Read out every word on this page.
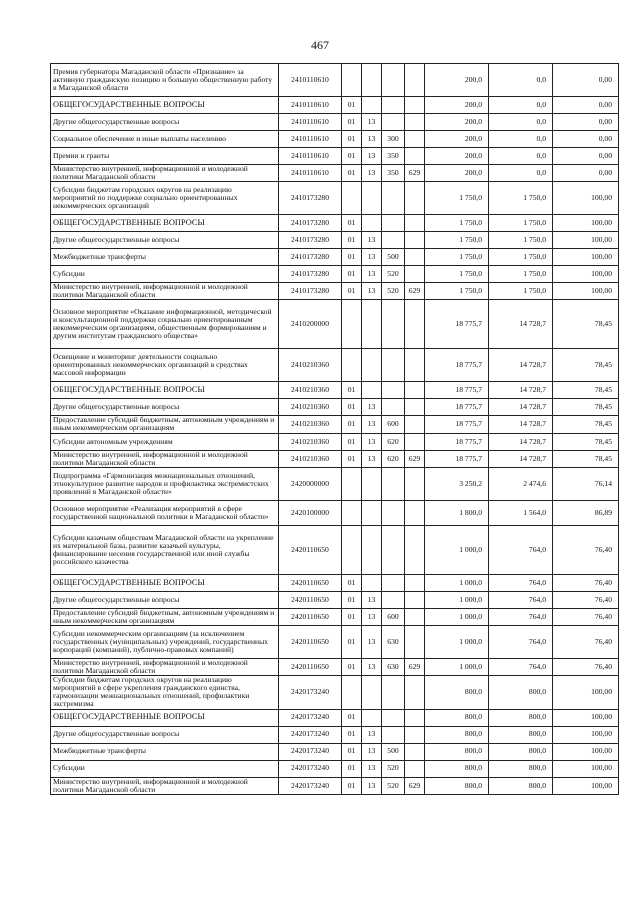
467
Премия губернатора Магаданской области «Признание» за активную гражданскую позицию и большую общественную работу в Магаданской области	2410110610					200,0	0,0	0,00
ОБЩЕГОСУДАРСТВЕННЫЕ ВОПРОСЫ	2410110610	01				200,0	0,0	0,00
Другие общегосударственные вопросы	2410110610	01	13			200,0	0,0	0,00
Социальное обеспечение и иные выплаты населению	2410110610	01	13	300		200,0	0,0	0,00
Премии и гранты	2410110610	01	13	350		200,0	0,0	0,00
Министерство внутренней, информационной и молодежной политики Магаданской области	2410110610	01	13	350	629	200,0	0,0	0,00
Субсидии бюджетам городских округов на реализацию мероприятий по поддержке социально ориентированных некоммерческих организаций	2410173280					1 750,0	1 750,0	100,00
ОБЩЕГОСУДАРСТВЕННЫЕ ВОПРОСЫ	2410173280	01				1 750,0	1 750,0	100,00
Другие общегосударственные вопросы	2410173280	01	13			1 750,0	1 750,0	100,00
Межбюджетные трансферты	2410173280	01	13	500		1 750,0	1 750,0	100,00
Субсидии	2410173280	01	13	520		1 750,0	1 750,0	100,00
Министерство внутренней, информационной и молодежной политики Магаданской области	2410173280	01	13	520	629	1 750,0	1 750,0	100,00
Основное мероприятие «Оказание информационной, методической и консультационной поддержки социально ориентированным некоммерческим организациям, общественным формированиям и другим институтам гражданского общества»	2410200000					18 775,7	14 728,7	78,45
Освещение и мониторинг деятельности социально ориентированных некоммерческих организаций в средствах массовой информации	2410210360					18 775,7	14 728,7	78,45
ОБЩЕГОСУДАРСТВЕННЫЕ ВОПРОСЫ	2410210360	01				18 775,7	14 728,7	78,45
Другие общегосударственные вопросы	2410210360	01	13			18 775,7	14 728,7	78,45
Предоставление субсидий бюджетным, автономным учреждениям и иным некоммерческим организациям	2410210360	01	13	600		18 775,7	14 728,7	78,45
Субсидии автономным учреждениям	2410210360	01	13	620		18 775,7	14 728,7	78,45
Министерство внутренней, информационной и молодежной политики Магаданской области	2410210360	01	13	620	629	18 775,7	14 728,7	78,45
Подпрограмма «Гармонизация межнациональных отношений, этнокультурное развитие народов и профилактика экстремистских проявлений в Магаданской области»	2420000000					3 250,2	2 474,6	76,14
Основное мероприятие «Реализация мероприятий в сфере государственной национальной политики в Магаданской области»	2420100000					1 800,0	1 564,0	86,89
Субсидии казачьим обществам Магаданской области на укрепление их материальной базы, развитие казачьей культуры, финансирование несения государственной или иной службы российского казачества	2420110650					1 000,0	764,0	76,40
ОБЩЕГОСУДАРСТВЕННЫЕ ВОПРОСЫ	2420110650	01				1 000,0	764,0	76,40
Другие общегосударственные вопросы	2420110650	01	13			1 000,0	764,0	76,40
Предоставление субсидий бюджетным, автономным учреждениям и иным некоммерческим организациям	2420110650	01	13	600		1 000,0	764,0	76,40
Субсидии некоммерческим организациям (за исключением государственных (муниципальных) учреждений, государственных корпораций (компаний), публично-правовых компаний)	2420110650	01	13	630		1 000,0	764,0	76,40
Министерство внутренней, информационной и молодежной политики Магаданской области	2420110650	01	13	630	629	1 000,0	764,0	76,40
Субсидии бюджетам городских округов на реализацию мероприятий в сфере укрепления гражданского единства, гармонизации межнациональных отношений, профилактики экстремизма	2420173240					800,0	800,0	100,00
ОБЩЕГОСУДАРСТВЕННЫЕ ВОПРОСЫ	2420173240	01				800,0	800,0	100,00
Другие общегосударственные вопросы	2420173240	01	13			800,0	800,0	100,00
Межбюджетные трансферты	2420173240	01	13	500		800,0	800,0	100,00
Субсидии	2420173240	01	13	520		800,0	800,0	100,00
Министерство внутренней, информационной и молодежной политики Магаданской области	2420173240	01	13	520	629	800,0	800,0	100,00
